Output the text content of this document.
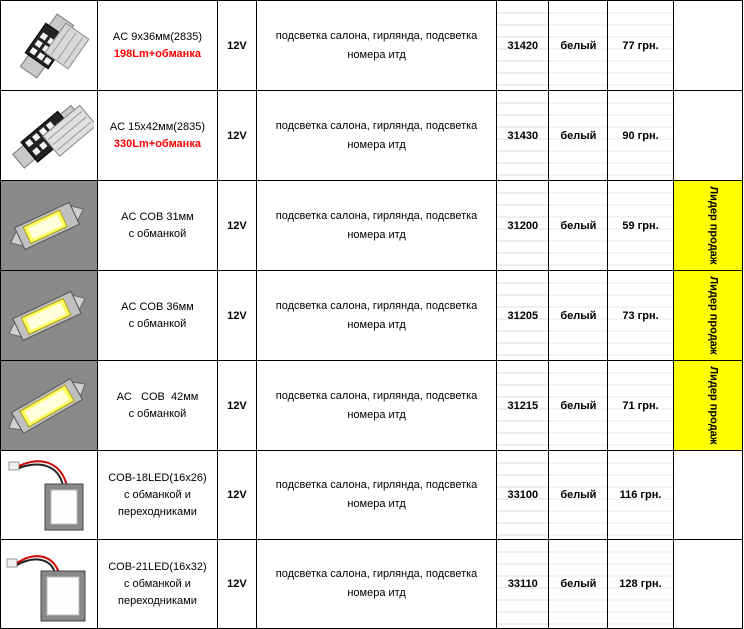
AC 9x36мм(2835)
198Lm+обманка	12V	подсветка салона, гирлянда, подсветка номера итд	31420	белый	77 грн.	

AC 15x42мм(2835)
330Lm+обманка	12V	подсветка салона, гирлянда, подсветка номера итд	31430	белый	90 грн.	

AC COB 31мм
с обманкой	12V	подсветка салона, гирлянда, подсветка номера итд	31200	белый	59 грн.	Лидер продаж

AC COB 36мм
с обманкой	12V	подсветка салона, гирлянда, подсветка номера итд	31205	белый	73 грн.	Лидер продаж

AC   COB  42мм
с обманкой	12V	подсветка салона, гирлянда, подсветка номера итд	31215	белый	71 грн.	Лидер продаж

COB-18LED(16x26)
с обманкой и
переходниками	12V	подсветка салона, гирлянда, подсветка номера итд	33100	белый	116 грн.	

COB-21LED(16x32)
с обманкой и
переходниками	12V	подсветка салона, гирлянда, подсветка номера итд	33110	белый	128 грн.	
